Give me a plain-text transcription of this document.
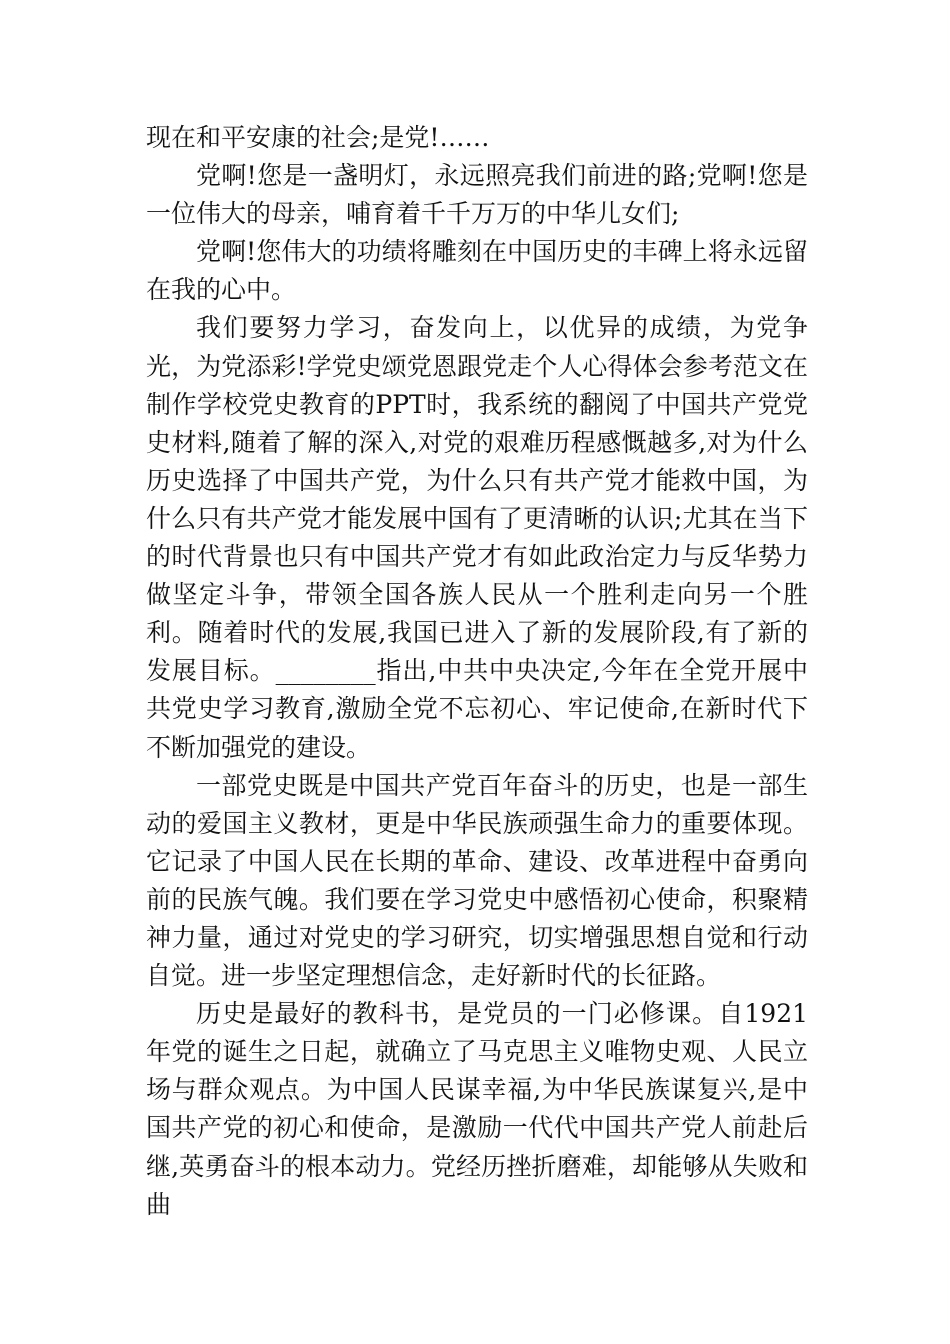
现在和平安康的社会;是党!……

党啊!您是一盏明灯，永远照亮我们前进的路;党啊!您是一位伟大的母亲，哺育着千千万万的中华儿女们;

党啊!您伟大的功绩将雕刻在中国历史的丰碑上将永远留在我的心中。

我们要努力学习，奋发向上，以优异的成绩，为党争光，为党添彩!学党史颂党恩跟党走个人心得体会参考范文在制作学校党史教育的PPT时，我系统的翻阅了中国共产党党史材料,随着了解的深入,对党的艰难历程感慨越多,对为什么历史选择了中国共产党，为什么只有共产党才能救中国，为什么只有共产党才能发展中国有了更清晰的认识;尤其在当下的时代背景也只有中国共产党才有如此政治定力与反华势力做坚定斗争，带领全国各族人民从一个胜利走向另一个胜利。随着时代的发展,我国已进入了新的发展阶段,有了新的发展目标。________指出,中共中央决定,今年在全党开展中共党史学习教育,激励全党不忘初心、牢记使命,在新时代下不断加强党的建设。

一部党史既是中国共产党百年奋斗的历史，也是一部生动的爱国主义教材，更是中华民族顽强生命力的重要体现。它记录了中国人民在长期的革命、建设、改革进程中奋勇向前的民族气魄。我们要在学习党史中感悟初心使命，积聚精神力量，通过对党史的学习研究，切实增强思想自觉和行动自觉。进一步坚定理想信念，走好新时代的长征路。

历史是最好的教科书，是党员的一门必修课。自1921年党的诞生之日起，就确立了马克思主义唯物史观、人民立场与群众观点。为中国人民谋幸福,为中华民族谋复兴,是中国共产党的初心和使命，是激励一代代中国共产党人前赴后继,英勇奋斗的根本动力。党经历挫折磨难，却能够从失败和曲
